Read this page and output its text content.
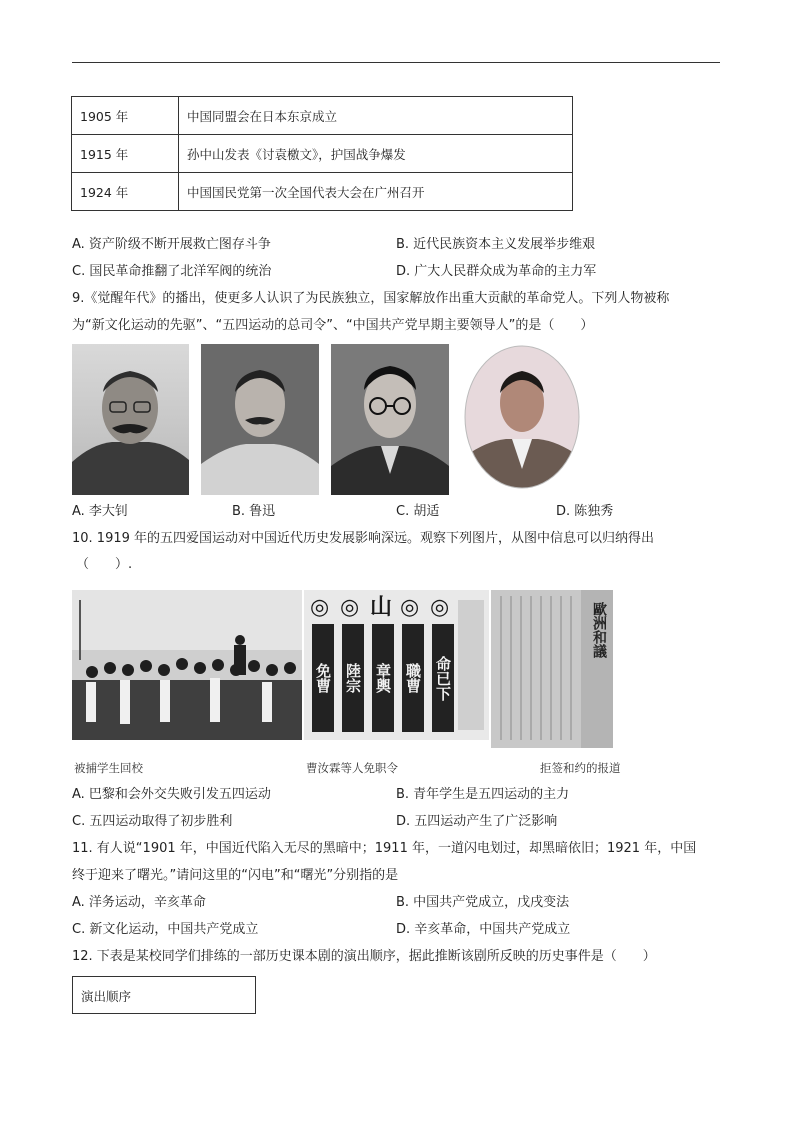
1905 年	中国同盟会在日本东京成立
1915 年	孙中山发表《讨袁檄文》，护国战争爆发
1924 年	中国国民党第一次全国代表大会在广州召开
A. 资产阶级不断开展救亡图存斗争	B. 近代民族资本主义发展举步维艰
C. 国民革命推翻了北洋军阀的统治	D. 广大人民群众成为革命的主力军
9.《觉醒年代》的播出，使更多人认识了为民族独立，国家解放作出重大贡献的革命党人。下列人物被称
为“新文化运动的先驱”、“五四运动的总司令”、“中国共产党早期主要领导人”的是（　　）
A. 李大钊	B. 鲁迅	C. 胡适	D. 陈独秀
10. 1919 年的五四爱国运动对中国近代历史发展影响深远。观察下列图片，从图中信息可以归纳得出
（　　）.
◎ ◎ 山 ◎ ◎
免曹 陸宗 章輿 職曹 命已下
歐洲和議
被捕学生回校	曹汝霖等人免职令	拒签和约的报道
A. 巴黎和会外交失败引发五四运动	B. 青年学生是五四运动的主力
C. 五四运动取得了初步胜利	D. 五四运动产生了广泛影响
11. 有人说“1901 年，中国近代陷入无尽的黑暗中；1911 年，一道闪电划过，却黑暗依旧；1921 年，中国
终于迎来了曙光。”请问这里的“闪电”和“曙光”分别指的是
A. 洋务运动，辛亥革命	B. 中国共产党成立，戊戌变法
C. 新文化运动，中国共产党成立	D. 辛亥革命，中国共产党成立
12. 下表是某校同学们排练的一部历史课本剧的演出顺序，据此推断该剧所反映的历史事件是（　　）
演出顺序
